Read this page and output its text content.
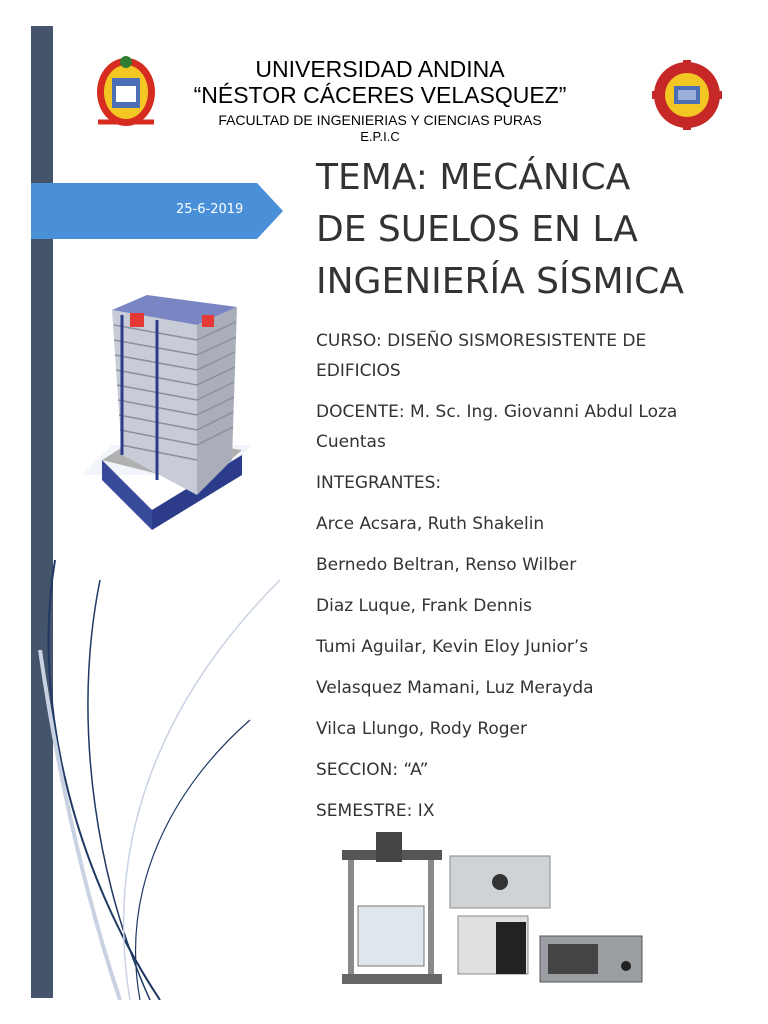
UNIVERSIDAD ANDINA
“NÉSTOR CÁCERES VELASQUEZ”
FACULTAD DE INGENIERIAS Y CIENCIAS PURAS
E.P.I.C
25-6-2019
TEMA: MECÁNICA
DE SUELOS EN LA
INGENIERÍA SÍSMICA

CURSO: DISEÑO SISMORESISTENTE DE EDIFICIOS

DOCENTE: M. Sc. Ing. Giovanni Abdul Loza Cuentas

INTEGRANTES:

Arce Acsara, Ruth Shakelin

Bernedo Beltran, Renso Wilber

Diaz Luque, Frank Dennis

Tumi Aguilar, Kevin Eloy Junior’s

Velasquez Mamani, Luz Merayda

Vilca Llungo, Rody Roger

SECCION: “A”

SEMESTRE: IX
